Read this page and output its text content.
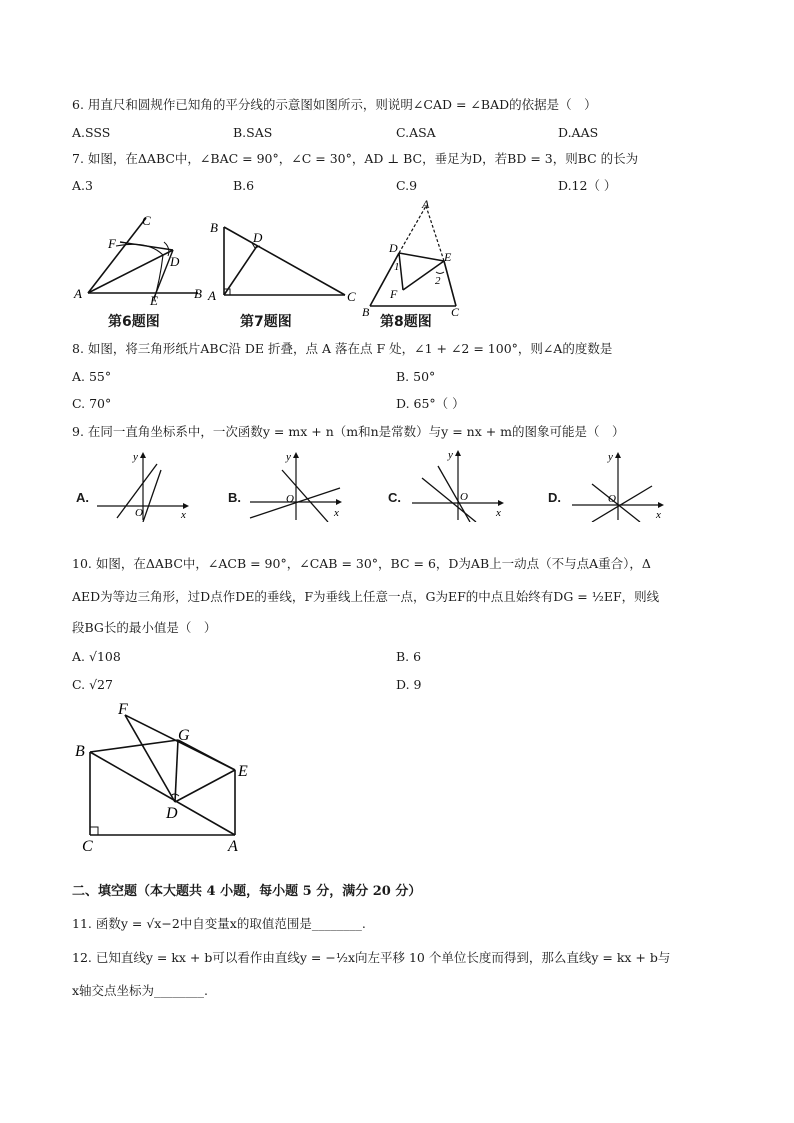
6. 用直尺和圆规作已知角的平分线的示意图如图所示，则说明∠CAD = ∠BAD的依据是（　）
A.SSS	B.SAS	C.ASA	D.AAS
7. 如图，在ΔABC中，∠BAC = 90°，∠C = 30°，AD ⊥ BC，垂足为D，若BD = 3，则BC 的长为
A.3	B.6	C.9	D.12（ ）
C
F
D
A	E	B
B
D
A	C
A
D
E
1
2
F
B	C
第6题图	第7题图	第8题图
8. 如图，将三角形纸片ABC沿 DE 折叠，点 A 落在点 F 处，∠1 + ∠2 = 100°，则∠A的度数是
A. 55°	B. 50°
C. 70°	D. 65°（ ）
9. 在同一直角坐标系中，一次函数y = mx + n（m和n是常数）与y = nx + m的图象可能是（　）
A.
y
x
O
B.
y
x
O	C.
y
x
O	D.
y
x
O
10. 如图，在ΔABC中，∠ACB = 90°，∠CAB = 30°，BC = 6，D为AB上一动点（不与点A重合），Δ
AED为等边三角形，过D点作DE的垂线，F为垂线上任意一点，G为EF的中点且始终有DG = ½EF，则线
段BG长的最小值是（　）
A. √108	B. 6
C. √27	D. 9
F
G
B
E
D
C	A
二、填空题（本大题共 4 小题，每小题 5 分，满分 20 分）
11. 函数y = √x−2中自变量x的取值范围是________.
12. 已知直线y = kx + b可以看作由直线y = −½x向左平移 10 个单位长度而得到，那么直线y = kx + b与
x轴交点坐标为________.
